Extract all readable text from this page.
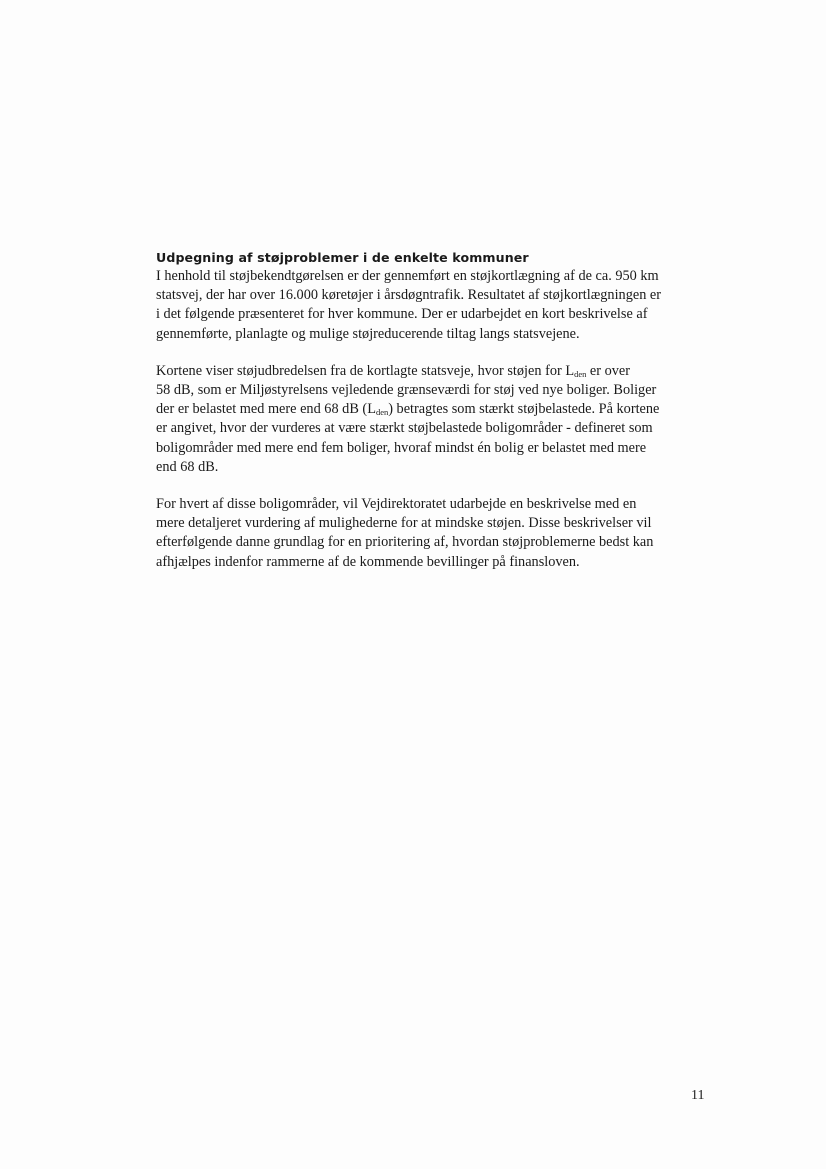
Udpegning af støjproblemer i de enkelte kommuner

I henhold til støjbekendtgørelsen er der gennemført en støjkortlægning af de ca. 950 km
statsvej, der har over 16.000 køretøjer i årsdøgntrafik. Resultatet af støjkortlægningen er
i det følgende præsenteret for hver kommune. Der er udarbejdet en kort beskrivelse af
gennemførte, planlagte og mulige støjreducerende tiltag langs statsvejene.

Kortene viser støjudbredelsen fra de kortlagte statsveje, hvor støjen for $L_{den}$ er over
58 dB, som er Miljøstyrelsens vejledende grænseværdi for støj ved nye boliger. Boliger
der er belastet med mere end 68 dB $(L_{den})$ betragtes som stærkt støjbelastede. På kortene
er angivet, hvor der vurderes at være stærkt støjbelastede boligområder - defineret som
boligområder med mere end fem boliger, hvoraf mindst én bolig er belastet med mere
end 68 dB.

For hvert af disse boligområder, vil Vejdirektoratet udarbejde en beskrivelse med en
mere detaljeret vurdering af mulighederne for at mindske støjen. Disse beskrivelser vil
efterfølgende danne grundlag for en prioritering af, hvordan støjproblemerne bedst kan
afhjælpes indenfor rammerne af de kommende bevillinger på finansloven.

11
